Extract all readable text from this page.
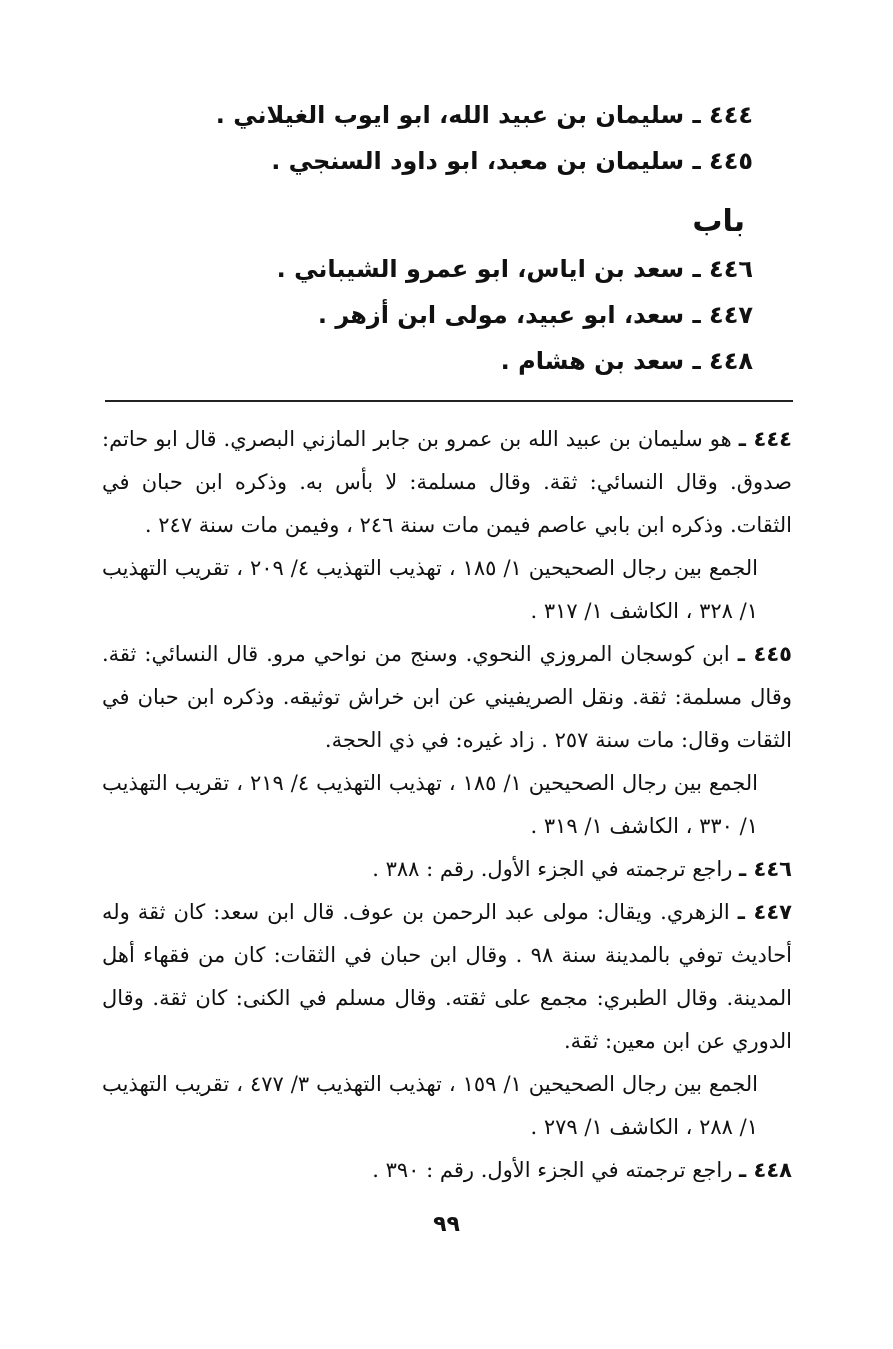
٤٤٤ ـ سليمان بن عبيد الله، ابو ايوب الغيلاني .
٤٤٥ ـ سليمان بن معبد، ابو داود السنجي .
باب
٤٤٦ ـ سعد بن اياس، ابو عمرو الشيباني .
٤٤٧ ـ سعد، ابو عبيد، مولى ابن أزهر .
٤٤٨ ـ سعد بن هشام .
٤٤٤ ـ هو سليمان بن عبيد الله بن عمرو بن جابر المازني البصري. قال ابو حاتم: صدوق. وقال النسائي: ثقة. وقال مسلمة: لا بأس به. وذكره ابن حبان في الثقات. وذكره ابن بابي عاصم فيمن مات سنة ٢٤٦ ، وفيمن مات سنة ٢٤٧ .
الجمع بين رجال الصحيحين ١/ ١٨٥ ، تهذيب التهذيب ٤/ ٢٠٩ ، تقريب التهذيب ١/ ٣٢٨ ، الكاشف ١/ ٣١٧ .
٤٤٥ ـ ابن كوسجان المروزي النحوي. وسنج من نواحي مرو. قال النسائي: ثقة. وقال مسلمة: ثقة. ونقل الصريفيني عن ابن خراش توثيقه. وذكره ابن حبان في الثقات وقال: مات سنة ٢٥٧ . زاد غيره: في ذي الحجة.
الجمع بين رجال الصحيحين ١/ ١٨٥ ، تهذيب التهذيب ٤/ ٢١٩ ، تقريب التهذيب ١/ ٣٣٠ ، الكاشف ١/ ٣١٩ .
٤٤٦ ـ راجع ترجمته في الجزء الأول. رقم : ٣٨٨ .
٤٤٧ ـ الزهري. ويقال: مولى عبد الرحمن بن عوف. قال ابن سعد: كان ثقة وله أحاديث توفي بالمدينة سنة ٩٨ . وقال ابن حبان في الثقات: كان من فقهاء أهل المدينة. وقال الطبري: مجمع على ثقته. وقال مسلم في الكنى: كان ثقة. وقال الدوري عن ابن معين: ثقة.
الجمع بين رجال الصحيحين ١/ ١٥٩ ، تهذيب التهذيب ٣/ ٤٧٧ ، تقريب التهذيب ١/ ٢٨٨ ، الكاشف ١/ ٢٧٩ .
٤٤٨ ـ راجع ترجمته في الجزء الأول. رقم : ٣٩٠ .
٩٩
